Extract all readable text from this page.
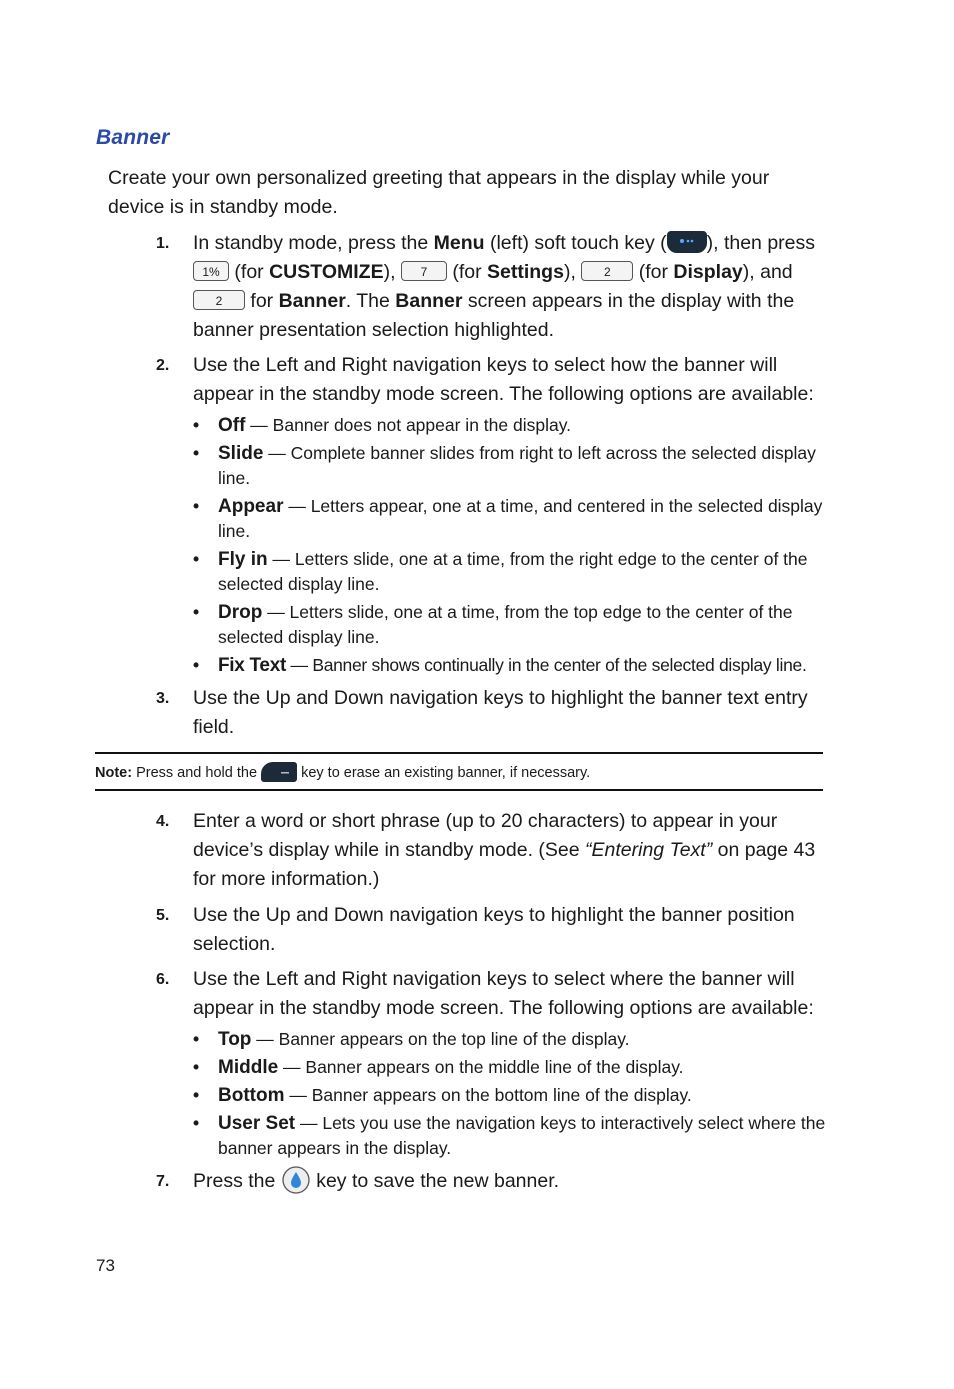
Banner
Create your own personalized greeting that appears in the display while your device is in standby mode.
1. In standby mode, press the Menu (left) soft touch key ( ), then press
1% (for CUSTOMIZE), 7 (for Settings), 2 (for Display), and
2 for Banner. The Banner screen appears in the display with the banner presentation selection highlighted.
2. Use the Left and Right navigation keys to select how the banner will appear in the standby mode screen. The following options are available:
• Off — Banner does not appear in the display.
• Slide — Complete banner slides from right to left across the selected display line.
• Appear — Letters appear, one at a time, and centered in the selected display line.
• Fly in — Letters slide, one at a time, from the right edge to the center of the selected display line.
• Drop — Letters slide, one at a time, from the top edge to the center of the selected display line.
• Fix Text — Banner shows continually in the center of the selected display line.
3. Use the Up and Down navigation keys to highlight the banner text entry field.
Note: Press and hold the  key to erase an existing banner, if necessary.
4. Enter a word or short phrase (up to 20 characters) to appear in your device’s display while in standby mode. (See “Entering Text” on page 43 for more information.)
5. Use the Up and Down navigation keys to highlight the banner position selection.
6. Use the Left and Right navigation keys to select where the banner will appear in the standby mode screen. The following options are available:
• Top — Banner appears on the top line of the display.
• Middle — Banner appears on the middle line of the display.
• Bottom — Banner appears on the bottom line of the display.
• User Set — Lets you use the navigation keys to interactively select where the banner appears in the display.
7. Press the  key to save the new banner.
73
